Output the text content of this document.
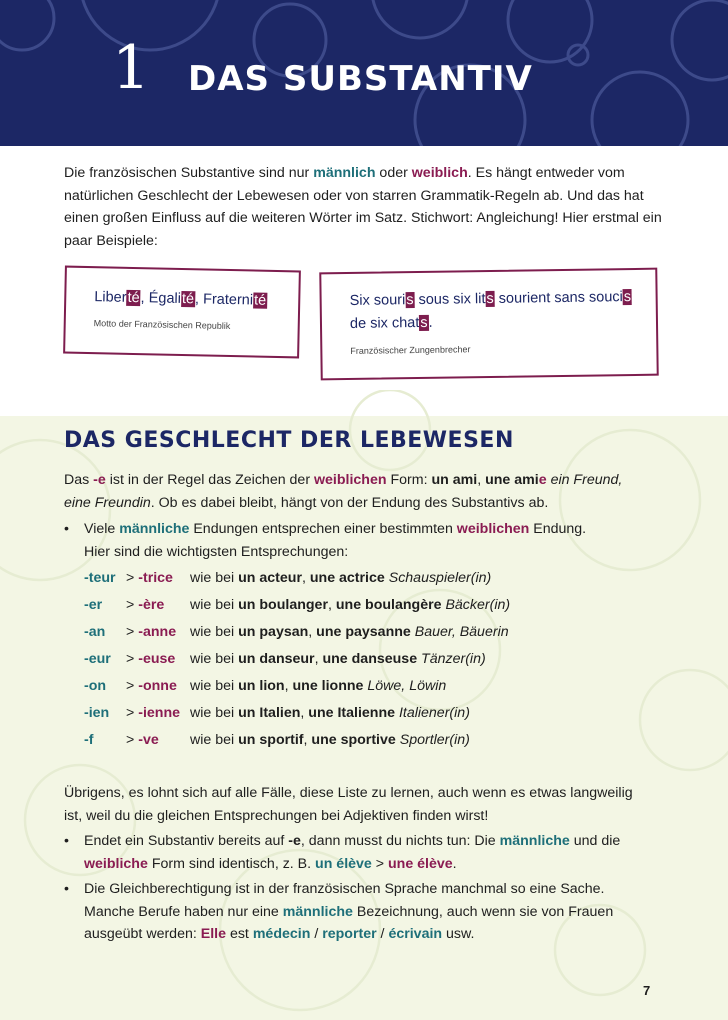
1 DAS SUBSTANTIV
Die französischen Substantive sind nur männlich oder weiblich. Es hängt entweder vom natürlichen Geschlecht der Lebewesen oder von starren Grammatik-Regeln ab. Und das hat einen großen Einfluss auf die weiteren Wörter im Satz. Stichwort: Angleichung! Hier erstmal ein paar Beispiele:
Liberté, Égalité, Fraternité
Motto der Französischen Republik
Six souris sous six lits sourient sans soucis
de six chats.
Französischer Zungenbrecher
DAS GESCHLECHT DER LEBEWESEN
Das -e ist in der Regel das Zeichen der weiblichen Form: un ami, une amie ein Freund,
eine Freundin. Ob es dabei bleibt, hängt von der Endung des Substantivs ab.
• Viele männliche Endungen entsprechen einer bestimmten weiblichen Endung.
Hier sind die wichtigsten Entsprechungen:
-teur > -trice wie bei un acteur, une actrice Schauspieler(in)
-er > -ère wie bei un boulanger, une boulangère Bäcker(in)
-an > -anne wie bei un paysan, une paysanne Bauer, Bäuerin
-eur > -euse wie bei un danseur, une danseuse Tänzer(in)
-on > -onne wie bei un lion, une lionne Löwe, Löwin
-ien > -ienne wie bei un Italien, une Italienne Italiener(in)
-f > -ve wie bei un sportif, une sportive Sportler(in)
Übrigens, es lohnt sich auf alle Fälle, diese Liste zu lernen, auch wenn es etwas langweilig ist, weil du die gleichen Entsprechungen bei Adjektiven finden wirst!
• Endet ein Substantiv bereits auf -e, dann musst du nichts tun: Die männliche und die
weibliche Form sind identisch, z. B. un élève > une élève.
• Die Gleichberechtigung ist in der französischen Sprache manchmal so eine Sache. Manche Berufe haben nur eine männliche Bezeichnung, auch wenn sie von Frauen ausgeübt werden: Elle est médecin / reporter / écrivain usw.
7
